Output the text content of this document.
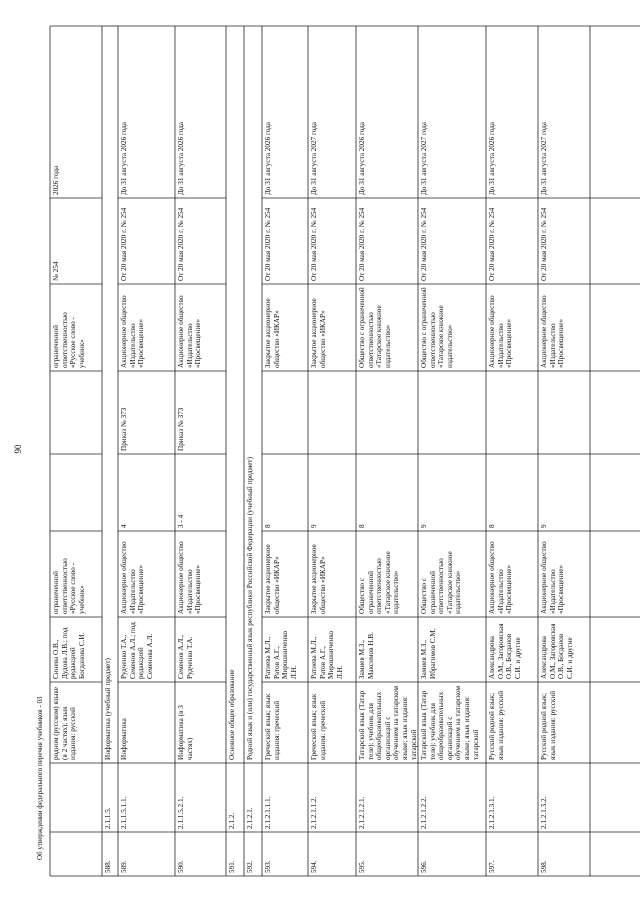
90
Об утверждении федерального перечня учебников - 03 родном (русском) языке (в 2 частях); язык издания: русский
Синева О.В., Дудова Л.В.; под редакцией Богданова С.И.
ограниченной ответственностью «Русское слово - учебник»
ограниченной ответственностью «Русское слово - учебник»
№ 254
2026 года
588.
2.1.1.5.
Информатика (учебный предмет)
589.
2.1.1.5.1.1.
Информатика
Рудченко Т.А., Семенов А.Л.; под редакцией Семенова А.Л.
Акционерное общество «Издательство «Просвещение»
4
Приказ № 373
Акционерное общество «Издательство «Просвещение»
От 20 мая 2020 г. № 254
До 31 августа 2026 года
590.
2.1.1.5.2.1.
Информатика (в 3 частях)
Семенов А.Л., Рудченко Т.А.
Акционерное общество «Издательство «Просвещение»
3 - 4
Приказ № 373
Акционерное общество «Издательство «Просвещение»
От 20 мая 2020 г. № 254
До 31 августа 2026 года
591.
2.1.2.
Основное общее образование
592.
2.1.2.1.
Родной язык и (или) государственный язык республики Российской Федерации (учебный предмет)
593.
2.1.2.1.1.1.
Греческий язык; язык издания: греческий
Ратиева М.Л., Ратов А.Г., Мирошниченко Л.Н.
Закрытое акционерное общество «ИКАР»
8
Закрытое акционерное общество «ИКАР»
От 20 мая 2020 г. № 254
До 31 августа 2026 года
594.
2.1.2.1.1.2.
Греческий язык; язык издания: греческий
Ратиева М.Л., Ратов А.Г., Мирошниченко Л.Н.
Закрытое акционерное общество «ИКАР»
9
Закрытое акционерное общество «ИКАР»
От 20 мая 2020 г. № 254
До 31 августа 2027 года
595.
2.1.2.1.2.1.
Татарский язык (Татар теле): учебник для общеобразовательных организаций с обучением на татарском языке; язык издания: татарский
Замиев М.З., Максимов Н.В.
Общество с ограниченной ответственностью «Татарское книжное издательство»
8
Общество с ограниченной ответственностью «Татарское книжное издательство»
От 20 мая 2020 г. № 254
До 31 августа 2026 года
596.
2.1.2.1.2.2.
Татарский язык (Татар теле): учебник для общеобразовательных организаций с обучением на татарском языке; язык издания: татарский
Замиев М.З., Ибрагимов С.М.
Общество с ограниченной ответственностью «Татарское книжное издательство»
9
Общество с ограниченной ответственностью «Татарское книжное издательство»
От 20 мая 2020 г. № 254
До 31 августа 2027 года
597.
2.1.2.1.3.1.
Русский родной язык; язык издания: русский
Александрова О.М., Загоровская О.В., Богданов С.И. и другие
Акционерное общество «Издательство «Просвещение»
8
Акционерное общество «Издательство «Просвещение»
От 20 мая 2020 г. № 254
До 31 августа 2026 года
598.
2.1.2.1.3.2.
Русский родной язык; язык издания: русский
Александрова О.М., Загоровская О.В., Богданов С.И. и другие
Акционерное общество «Издательство «Просвещение»
9
Акционерное общество «Издательство «Просвещение»
От 20 мая 2020 г. № 254
До 31 августа 2027 года
